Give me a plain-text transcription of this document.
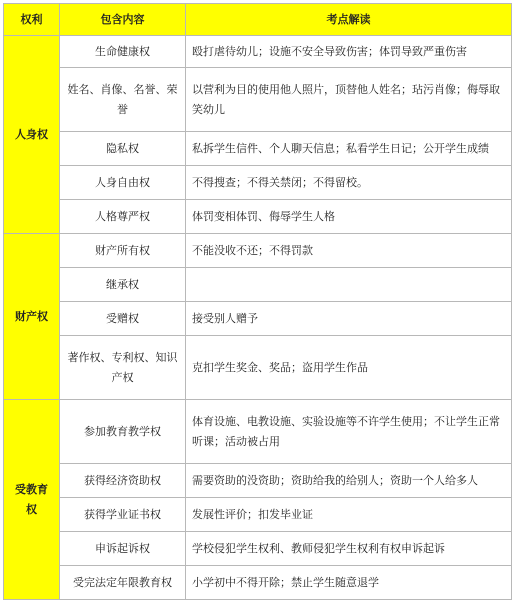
权利	包含内容	考点解读
人身权	生命健康权	殴打虐待幼儿；设施不安全导致伤害；体罚导致严重伤害
	姓名、肖像、名誉、荣誉	以营利为目的使用他人照片，顶替他人姓名；玷污肖像；侮辱取笑幼儿
	隐私权	私拆学生信件、个人聊天信息；私看学生日记；公开学生成绩
	人身自由权	不得搜查；不得关禁闭；不得留校。
	人格尊严权	体罚变相体罚、侮辱学生人格
财产权	财产所有权	不能没收不还；不得罚款
	继承权	
	受赠权	接受别人赠予
	著作权、专利权、知识产权	克扣学生奖金、奖品；盗用学生作品
受教育权	参加教育教学权	体育设施、电教设施、实验设施等不许学生使用；不让学生正常听课；活动被占用
	获得经济资助权	需要资助的没资助；资助给我的给别人；资助一个人给多人
	获得学业证书权	发展性评价；扣发毕业证
	申诉起诉权	学校侵犯学生权利、教师侵犯学生权利有权申诉起诉
	受完法定年限教育权	小学初中不得开除；禁止学生随意退学
